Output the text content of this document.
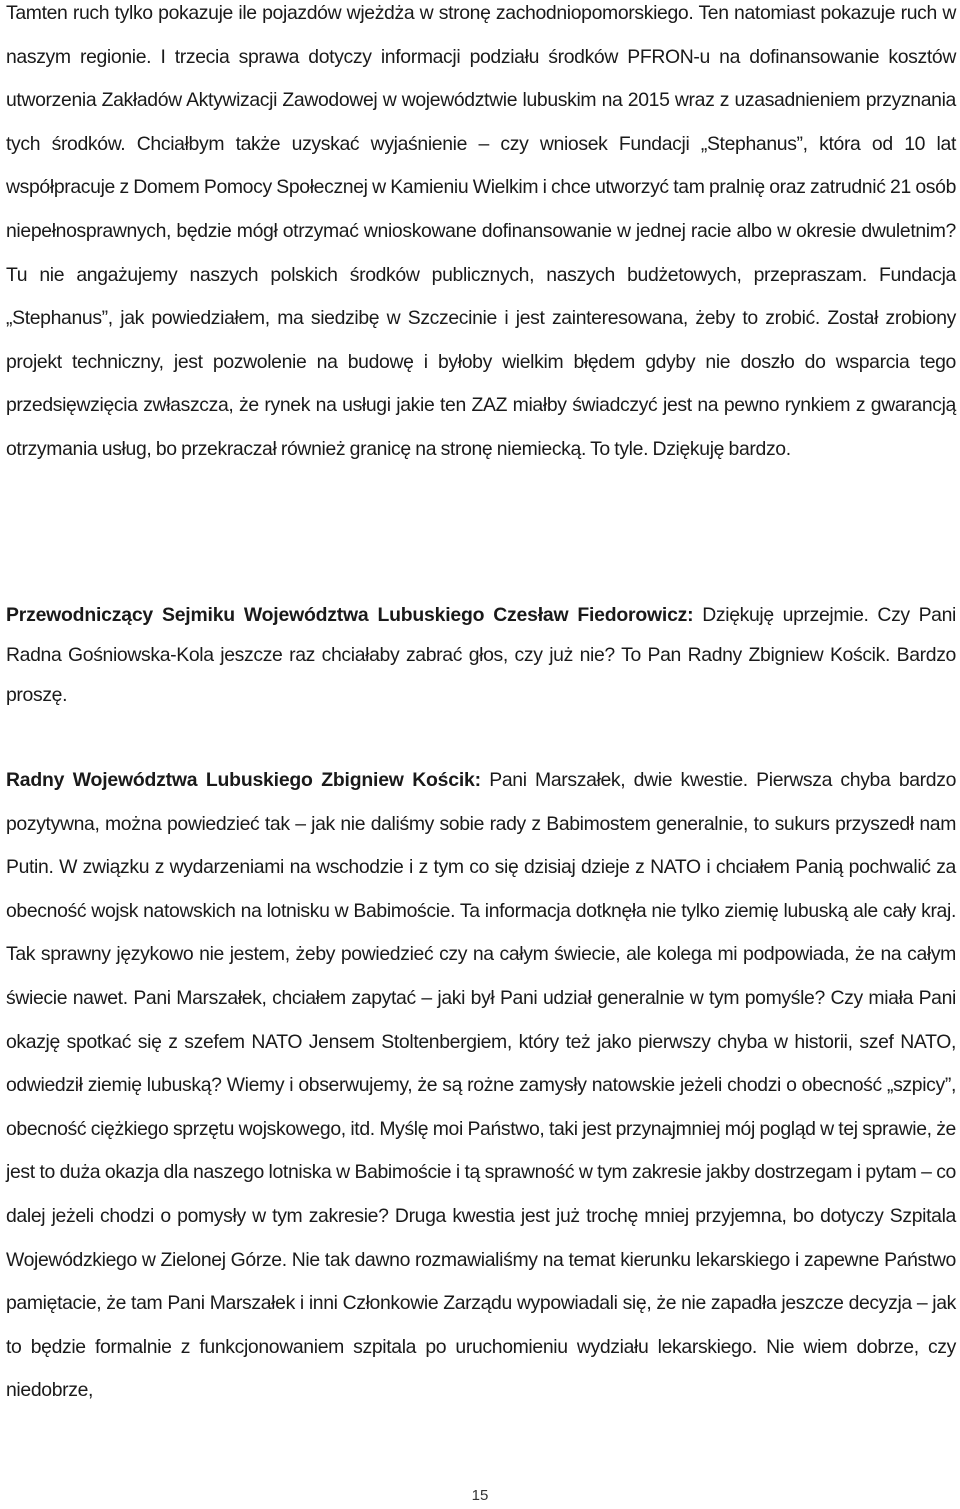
Tamten ruch tylko pokazuje ile pojazdów wjeżdża w stronę zachodniopomorskiego. Ten natomiast pokazuje ruch w naszym regionie. I trzecia sprawa dotyczy informacji podziału środków PFRON-u na dofinansowanie kosztów utworzenia Zakładów Aktywizacji Zawodowej w województwie lubuskim na 2015 wraz z uzasadnieniem przyznania tych środków. Chciałbym także uzyskać wyjaśnienie – czy wniosek Fundacji „Stephanus”, która od 10 lat współpracuje z Domem Pomocy Społecznej w Kamieniu Wielkim i chce utworzyć tam pralnię oraz zatrudnić 21 osób niepełnosprawnych, będzie mógł otrzymać wnioskowane dofinansowanie w jednej racie albo w okresie dwuletnim? Tu nie angażujemy naszych polskich środków publicznych, naszych budżetowych, przepraszam. Fundacja „Stephanus”, jak powiedziałem, ma siedzibę w Szczecinie i jest zainteresowana, żeby to zrobić. Został zrobiony projekt techniczny, jest pozwolenie na budowę i byłoby wielkim błędem gdyby nie doszło do wsparcia tego przedsięwzięcia zwłaszcza, że rynek na usługi jakie ten ZAZ miałby świadczyć jest na pewno rynkiem z gwarancją otrzymania usług, bo przekraczał również granicę na stronę niemiecką. To tyle. Dziękuję bardzo.

Przewodniczący Sejmiku Województwa Lubuskiego Czesław Fiedorowicz: Dziękuję uprzejmie. Czy Pani Radna Gośniowska-Kola jeszcze raz chciałaby zabrać głos, czy już nie? To Pan Radny Zbigniew Kościk. Bardzo proszę.

Radny Województwa Lubuskiego Zbigniew Kościk: Pani Marszałek, dwie kwestie. Pierwsza chyba bardzo pozytywna, można powiedzieć tak – jak nie daliśmy sobie rady z Babimostem generalnie, to sukurs przyszedł nam Putin. W związku z wydarzeniami na wschodzie i z tym co się dzisiaj dzieje z NATO i chciałem Panią pochwalić za obecność wojsk natowskich na lotnisku w Babimoście. Ta informacja dotknęła nie tylko ziemię lubuską ale cały kraj. Tak sprawny językowo nie jestem, żeby powiedzieć czy na całym świecie, ale kolega mi podpowiada, że na całym świecie nawet. Pani Marszałek, chciałem zapytać – jaki był Pani udział generalnie w tym pomyśle? Czy miała Pani okazję spotkać się z szefem NATO Jensem Stoltenbergiem, który też jako pierwszy chyba w historii, szef NATO, odwiedził ziemię lubuską? Wiemy i obserwujemy, że są rożne zamysły natowskie jeżeli chodzi o obecność „szpicy”, obecność ciężkiego sprzętu wojskowego, itd. Myślę moi Państwo, taki jest przynajmniej mój pogląd w tej sprawie, że jest to duża okazja dla naszego lotniska w Babimoście i tą sprawność w tym zakresie jakby dostrzegam i pytam – co dalej jeżeli chodzi o pomysły w tym zakresie? Druga kwestia jest już trochę mniej przyjemna, bo dotyczy Szpitala Wojewódzkiego w Zielonej Górze. Nie tak dawno rozmawialiśmy na temat kierunku lekarskiego i zapewne Państwo pamiętacie, że tam Pani Marszałek i inni Członkowie Zarządu wypowiadali się, że nie zapadła jeszcze decyzja – jak to będzie formalnie z funkcjonowaniem szpitala po uruchomieniu wydziału lekarskiego. Nie wiem dobrze, czy niedobrze,

15
